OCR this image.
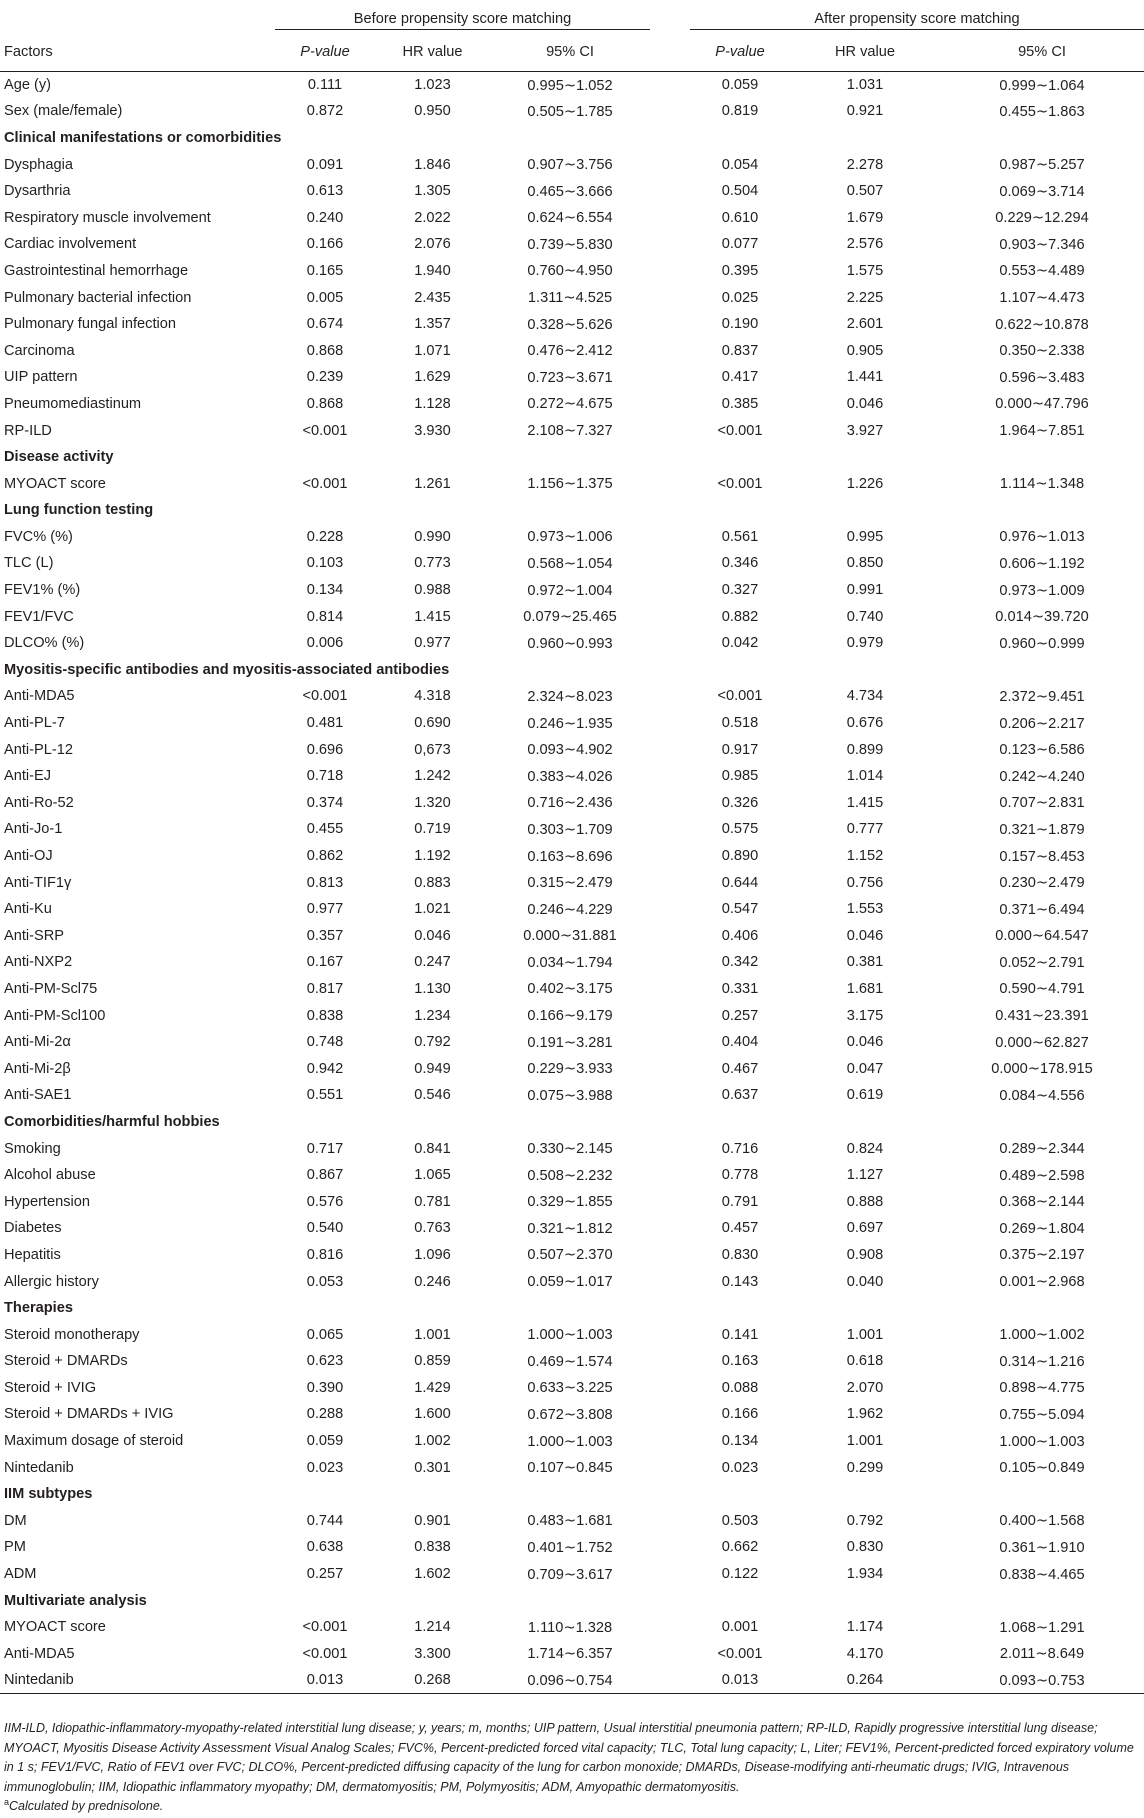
	Before propensity score matching				After propensity score matching		

Factors	P-value	HR value	95% CI		P-value	HR value	95% CI
Age (y)	0.111	1.023	0.995∼1.052		0.059	1.031	0.999∼1.064
Sex (male/female)	0.872	0.950	0.505∼1.785		0.819	0.921	0.455∼1.863
Clinical manifestations or comorbidities							
Dysphagia	0.091	1.846	0.907∼3.756		0.054	2.278	0.987∼5.257
Dysarthria	0.613	1.305	0.465∼3.666		0.504	0.507	0.069∼3.714
Respiratory muscle involvement	0.240	2.022	0.624∼6.554		0.610	1.679	0.229∼12.294
Cardiac involvement	0.166	2.076	0.739∼5.830		0.077	2.576	0.903∼7.346
Gastrointestinal hemorrhage	0.165	1.940	0.760∼4.950		0.395	1.575	0.553∼4.489
Pulmonary bacterial infection	0.005	2.435	1.311∼4.525		0.025	2.225	1.107∼4.473
Pulmonary fungal infection	0.674	1.357	0.328∼5.626		0.190	2.601	0.622∼10.878
Carcinoma	0.868	1.071	0.476∼2.412		0.837	0.905	0.350∼2.338
UIP pattern	0.239	1.629	0.723∼3.671		0.417	1.441	0.596∼3.483
Pneumomediastinum	0.868	1.128	0.272∼4.675		0.385	0.046	0.000∼47.796
RP-ILD	<0.001	3.930	2.108∼7.327		<0.001	3.927	1.964∼7.851
Disease activity							
MYOACT score	<0.001	1.261	1.156∼1.375		<0.001	1.226	1.114∼1.348
Lung function testing							
FVC% (%)	0.228	0.990	0.973∼1.006		0.561	0.995	0.976∼1.013
TLC (L)	0.103	0.773	0.568∼1.054		0.346	0.850	0.606∼1.192
FEV1% (%)	0.134	0.988	0.972∼1.004		0.327	0.991	0.973∼1.009
FEV1/FVC	0.814	1.415	0.079∼25.465		0.882	0.740	0.014∼39.720
DLCO% (%)	0.006	0.977	0.960∼0.993		0.042	0.979	0.960∼0.999
Myositis-specific antibodies and myositis-associated antibodies							
Anti-MDA5	<0.001	4.318	2.324∼8.023		<0.001	4.734	2.372∼9.451
Anti-PL-7	0.481	0.690	0.246∼1.935		0.518	0.676	0.206∼2.217
Anti-PL-12	0.696	0,673	0.093∼4.902		0.917	0.899	0.123∼6.586
Anti-EJ	0.718	1.242	0.383∼4.026		0.985	1.014	0.242∼4.240
Anti-Ro-52	0.374	1.320	0.716∼2.436		0.326	1.415	0.707∼2.831
Anti-Jo-1	0.455	0.719	0.303∼1.709		0.575	0.777	0.321∼1.879
Anti-OJ	0.862	1.192	0.163∼8.696		0.890	1.152	0.157∼8.453
Anti-TIF1γ	0.813	0.883	0.315∼2.479		0.644	0.756	0.230∼2.479
Anti-Ku	0.977	1.021	0.246∼4.229		0.547	1.553	0.371∼6.494
Anti-SRP	0.357	0.046	0.000∼31.881		0.406	0.046	0.000∼64.547
Anti-NXP2	0.167	0.247	0.034∼1.794		0.342	0.381	0.052∼2.791
Anti-PM-Scl75	0.817	1.130	0.402∼3.175		0.331	1.681	0.590∼4.791
Anti-PM-Scl100	0.838	1.234	0.166∼9.179		0.257	3.175	0.431∼23.391
Anti-Mi-2α	0.748	0.792	0.191∼3.281		0.404	0.046	0.000∼62.827
Anti-Mi-2β	0.942	0.949	0.229∼3.933		0.467	0.047	0.000∼178.915
Anti-SAE1	0.551	0.546	0.075∼3.988		0.637	0.619	0.084∼4.556
Comorbidities/harmful hobbies							
Smoking	0.717	0.841	0.330∼2.145		0.716	0.824	0.289∼2.344
Alcohol abuse	0.867	1.065	0.508∼2.232		0.778	1.127	0.489∼2.598
Hypertension	0.576	0.781	0.329∼1.855		0.791	0.888	0.368∼2.144
Diabetes	0.540	0.763	0.321∼1.812		0.457	0.697	0.269∼1.804
Hepatitis	0.816	1.096	0.507∼2.370		0.830	0.908	0.375∼2.197
Allergic history	0.053	0.246	0.059∼1.017		0.143	0.040	0.001∼2.968
Therapies							
Steroid monotherapy	0.065	1.001	1.000∼1.003		0.141	1.001	1.000∼1.002
Steroid + DMARDs	0.623	0.859	0.469∼1.574		0.163	0.618	0.314∼1.216
Steroid + IVIG	0.390	1.429	0.633∼3.225		0.088	2.070	0.898∼4.775
Steroid + DMARDs + IVIG	0.288	1.600	0.672∼3.808		0.166	1.962	0.755∼5.094
Maximum dosage of steroid	0.059	1.002	1.000∼1.003		0.134	1.001	1.000∼1.003
Nintedanib	0.023	0.301	0.107∼0.845		0.023	0.299	0.105∼0.849
IIM subtypes							
DM	0.744	0.901	0.483∼1.681		0.503	0.792	0.400∼1.568
PM	0.638	0.838	0.401∼1.752		0.662	0.830	0.361∼1.910
ADM	0.257	1.602	0.709∼3.617		0.122	1.934	0.838∼4.465
Multivariate analysis							
MYOACT score	<0.001	1.214	1.110∼1.328		0.001	1.174	1.068∼1.291
Anti-MDA5	<0.001	3.300	1.714∼6.357		<0.001	4.170	2.011∼8.649
Nintedanib	0.013	0.268	0.096∼0.754		0.013	0.264	0.093∼0.753
IIM-ILD, Idiopathic-inflammatory-myopathy-related interstitial lung disease; y, years; m, months; UIP pattern, Usual interstitial pneumonia pattern; RP-ILD, Rapidly progressive interstitial lung disease; MYOACT, Myositis Disease Activity Assessment Visual Analog Scales; FVC%, Percent-predicted forced vital capacity; TLC, Total lung capacity; L, Liter; FEV1%, Percent-predicted forced expiratory volume in 1 s; FEV1/FVC, Ratio of FEV1 over FVC; DLCO%, Percent-predicted diffusing capacity of the lung for carbon monoxide; DMARDs, Disease-modifying anti-rheumatic drugs; IVIG, Intravenous immunoglobulin; IIM, Idiopathic inflammatory myopathy; DM, dermatomyositis; PM, Polymyositis; ADM, Amyopathic dermatomyositis.
$^a$Calculated by prednisolone.
